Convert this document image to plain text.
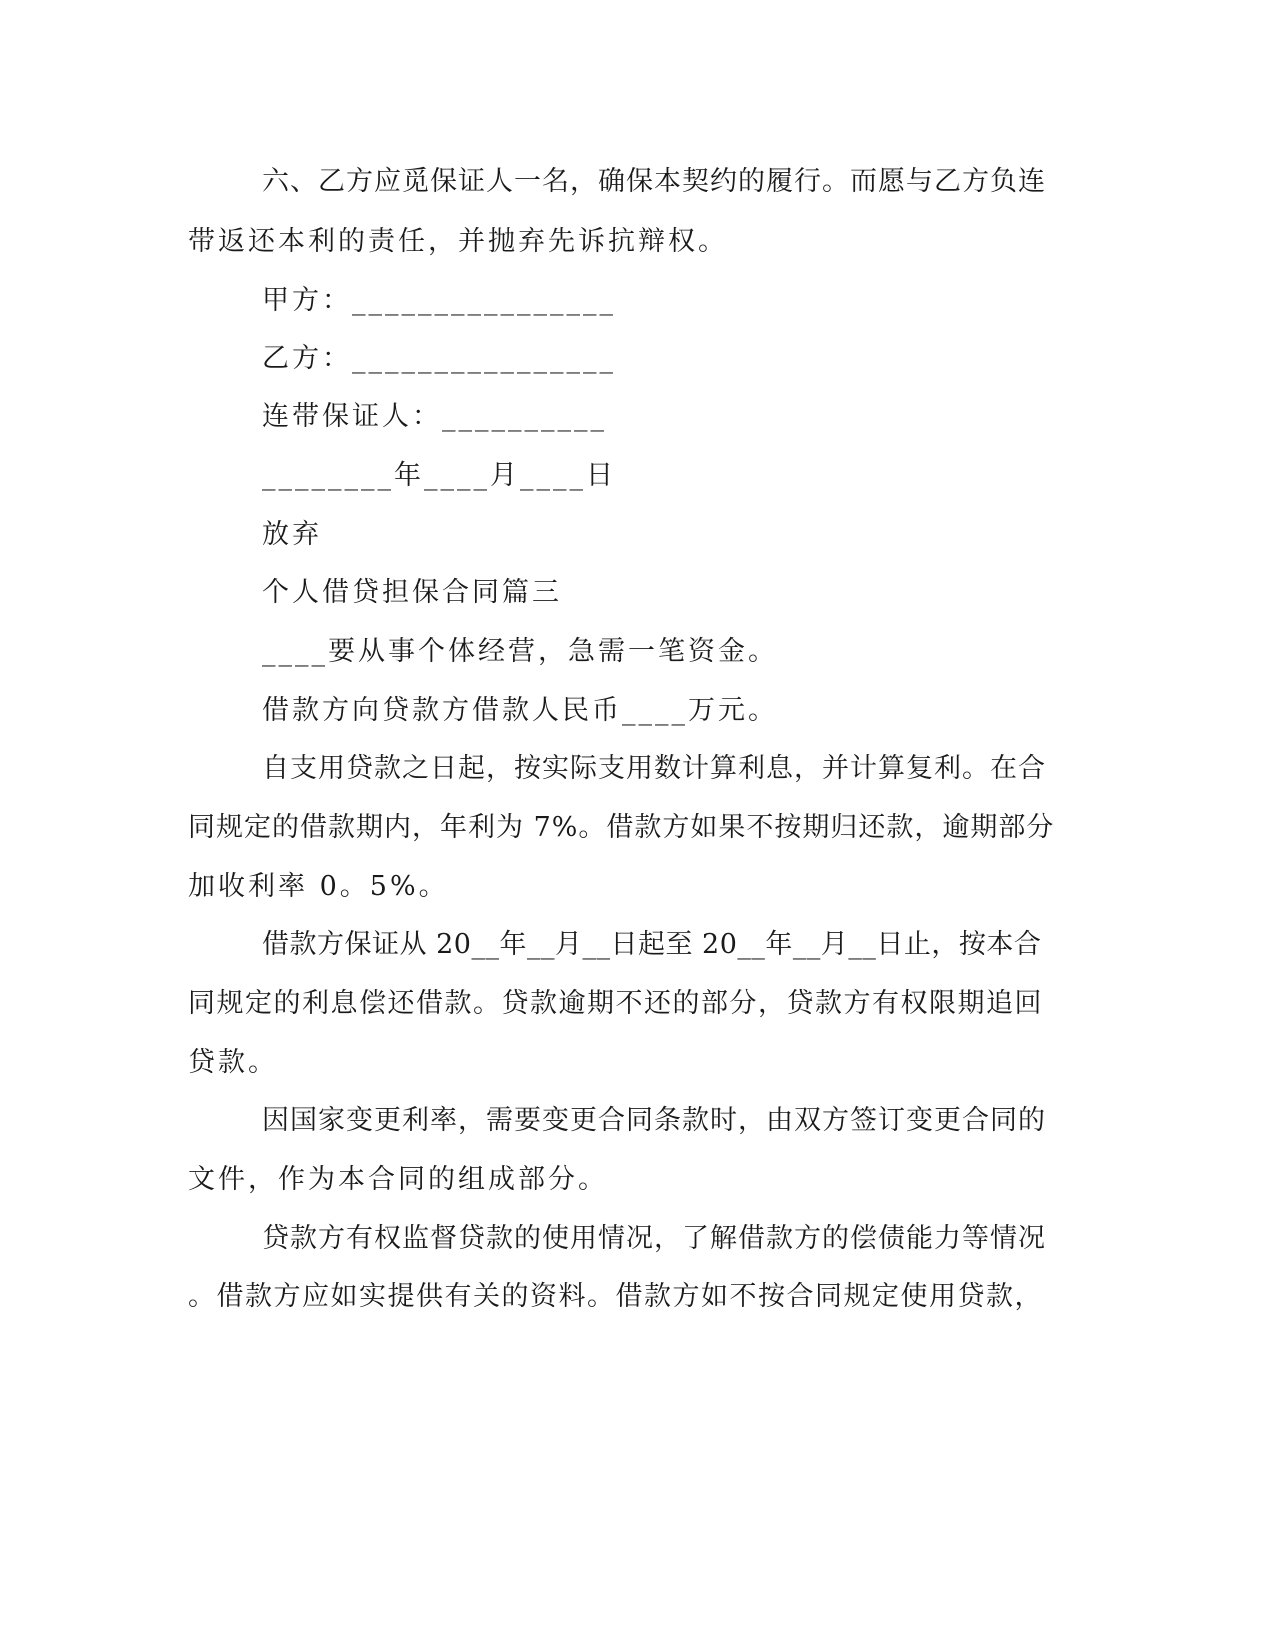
六、乙方应觅保证人一名，确保本契约的履行。而愿与乙方负连
带返还本利的责任，并抛弃先诉抗辩权。
甲方：________________
乙方：________________
连带保证人：__________
________年____月____日
放弃
个人借贷担保合同篇三
____要从事个体经营，急需一笔资金。
借款方向贷款方借款人民币____万元。
自支用贷款之日起，按实际支用数计算利息，并计算复利。在合
同规定的借款期内，年利为 7%。借款方如果不按期归还款，逾期部分
加收利率 0。5%。
借款方保证从 20__年__月__日起至 20__年__月__日止，按本合
同规定的利息偿还借款。贷款逾期不还的部分，贷款方有权限期追回
贷款。
因国家变更利率，需要变更合同条款时，由双方签订变更合同的
文件，作为本合同的组成部分。
贷款方有权监督贷款的使用情况，了解借款方的偿债能力等情况
。借款方应如实提供有关的资料。借款方如不按合同规定使用贷款，
